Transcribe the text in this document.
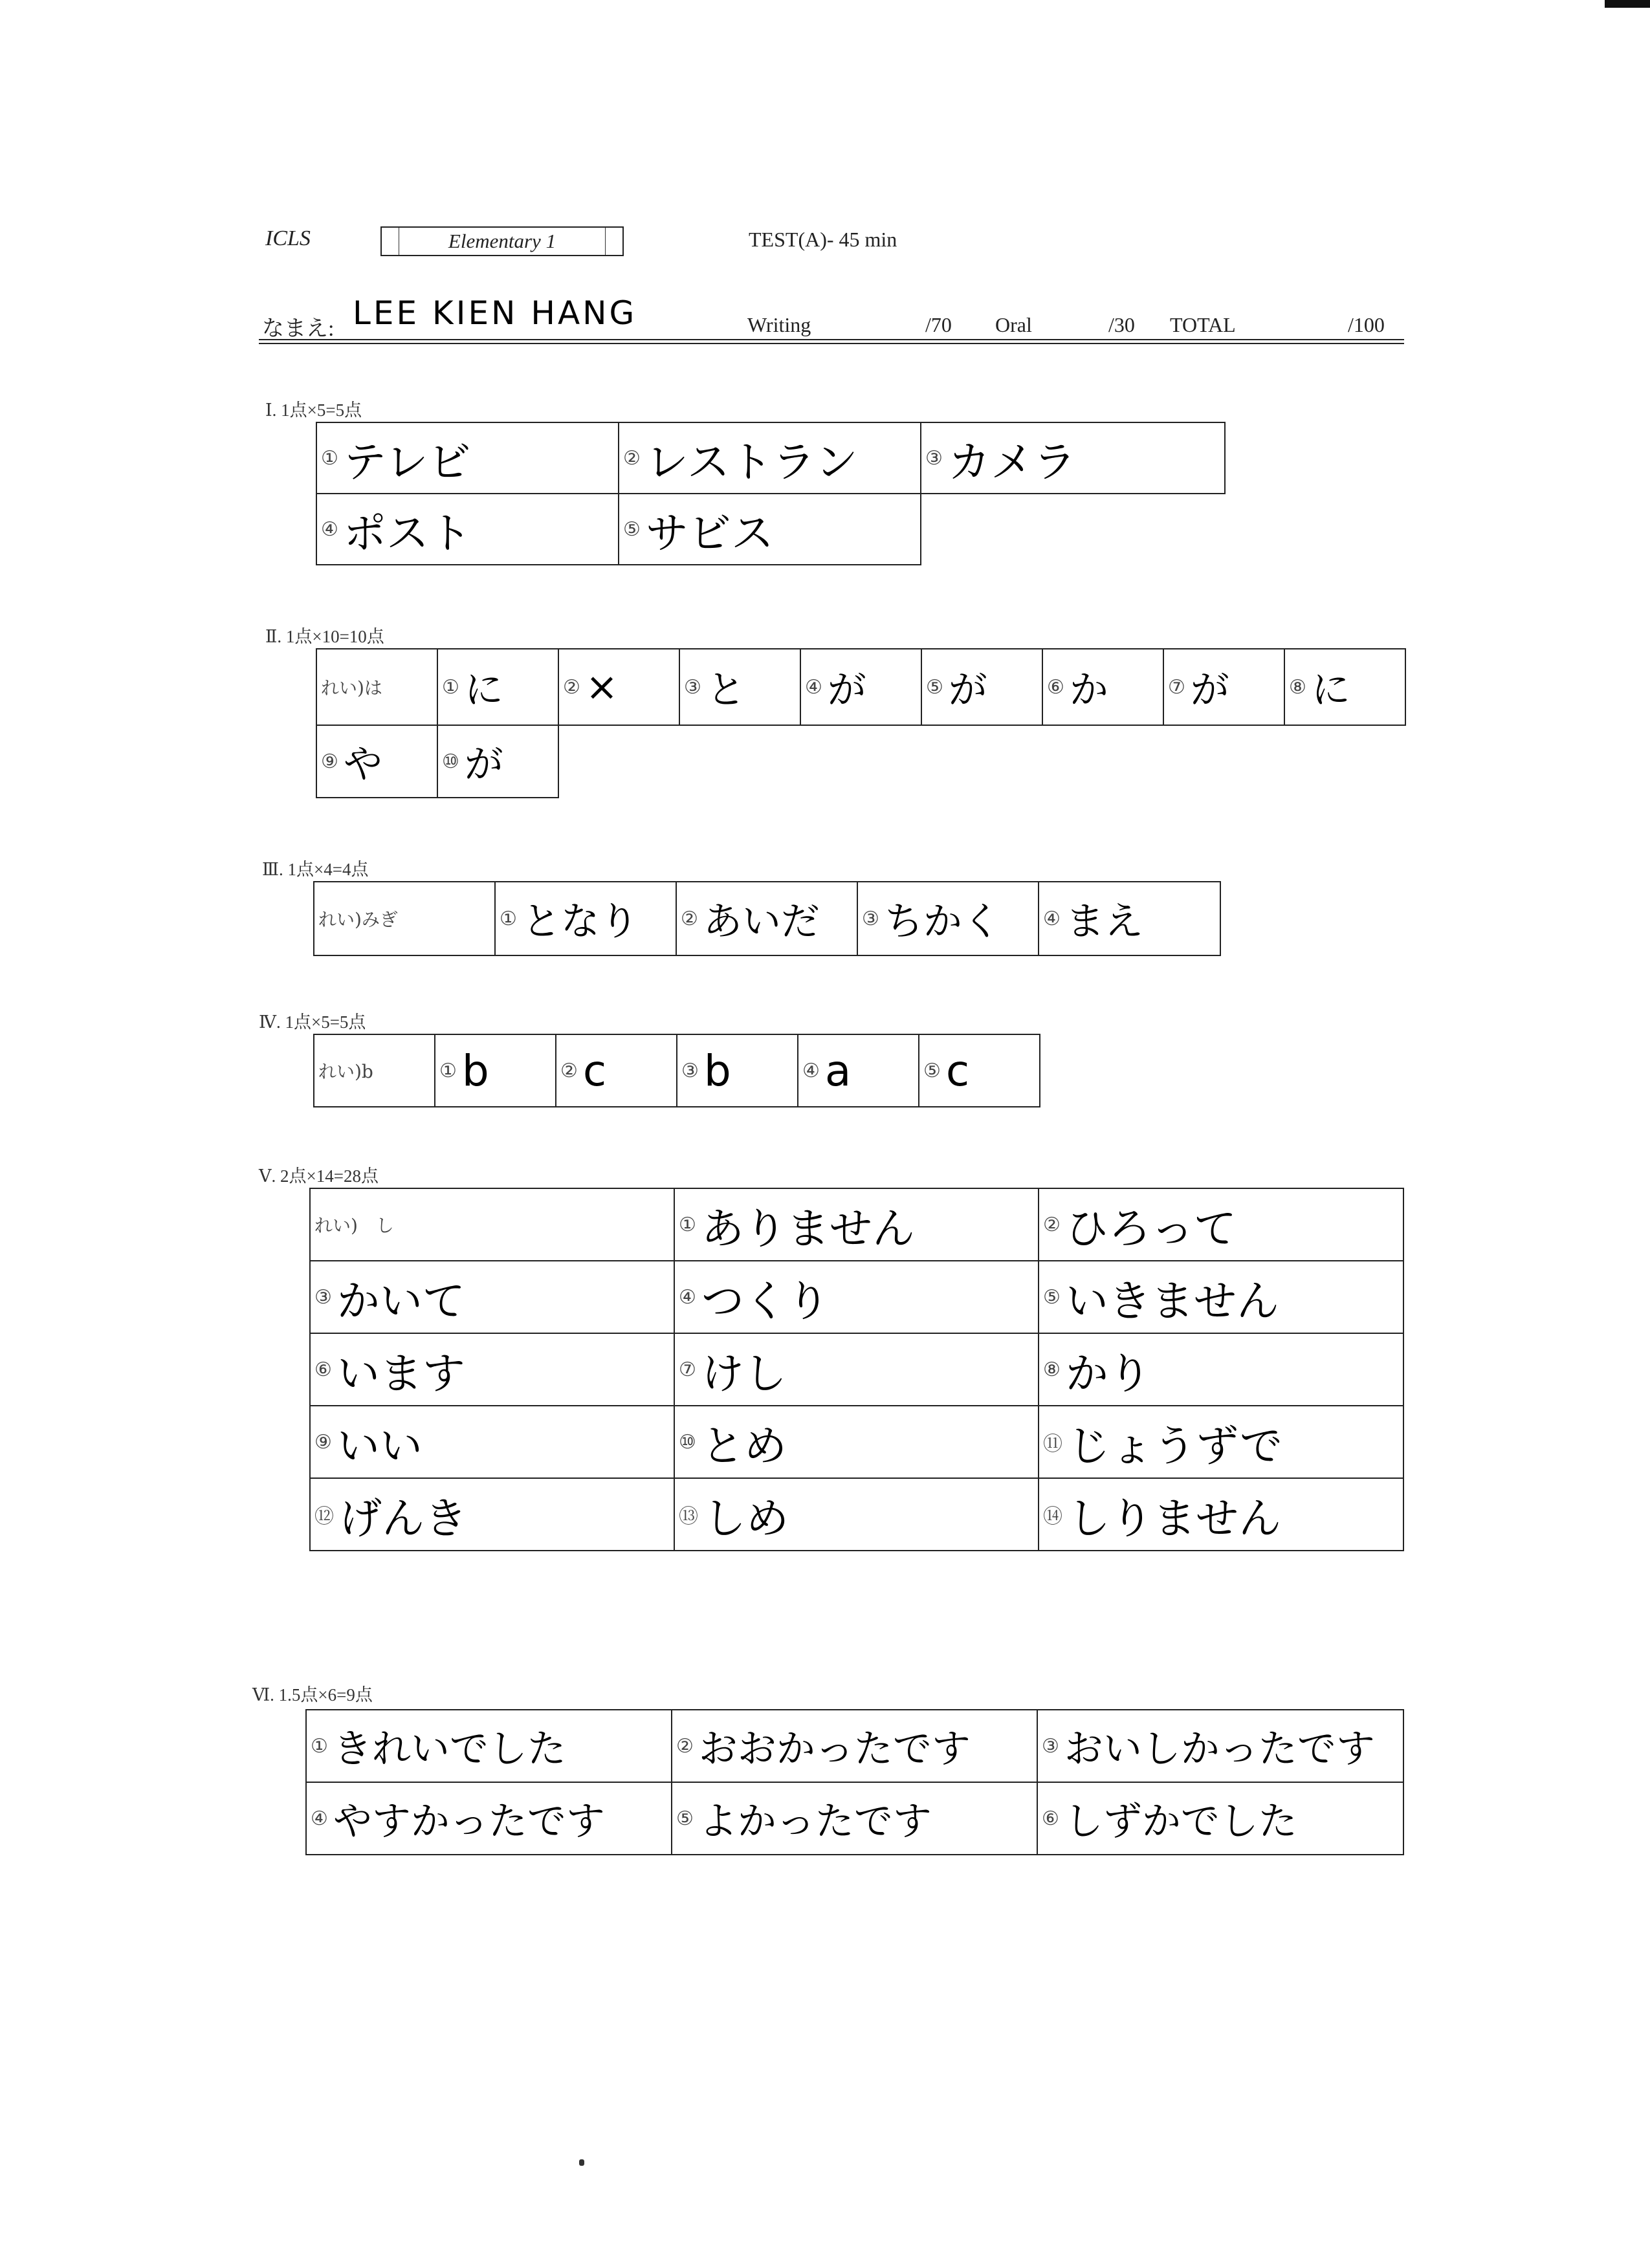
ICLS	Elementary 1	TEST(A)- 45 min
なまえ: LEE KIEN HANG	Writing	/70 Oral	/30 TOTAL	/100
Ⅰ. 1点×5=5点
① テレビ	② レストラン	③ カメラ
④ ポスト	⑤ サビス	
Ⅱ. 1点×10=10点
れい)は	① に	② ×	③ と	④ が	⑤ が	⑥ か	⑦ が	⑧ に
⑨ や	⑩ が							
Ⅲ. 1点×4=4点
れい)みぎ	① となり	② あいだ	③ ちかく	④ まえ
Ⅳ. 1点×5=5点
れい)b	① b	② c	③ b	④ a	⑤ c
Ⅴ. 2点×14=28点
れい)　し	① ありません	② ひろって
③ かいて	④ つくり	⑤ いきません
⑥ います	⑦ けし	⑧ かり
⑨ いい	⑩ とめ	⑪ じょうずで
⑫ げんき	⑬ しめ	⑭ しりません
Ⅵ. 1.5点×6=9点
① きれいでした	② おおかったです	③ おいしかったです
④ やすかったです	⑤ よかったです	⑥ しずかでした
